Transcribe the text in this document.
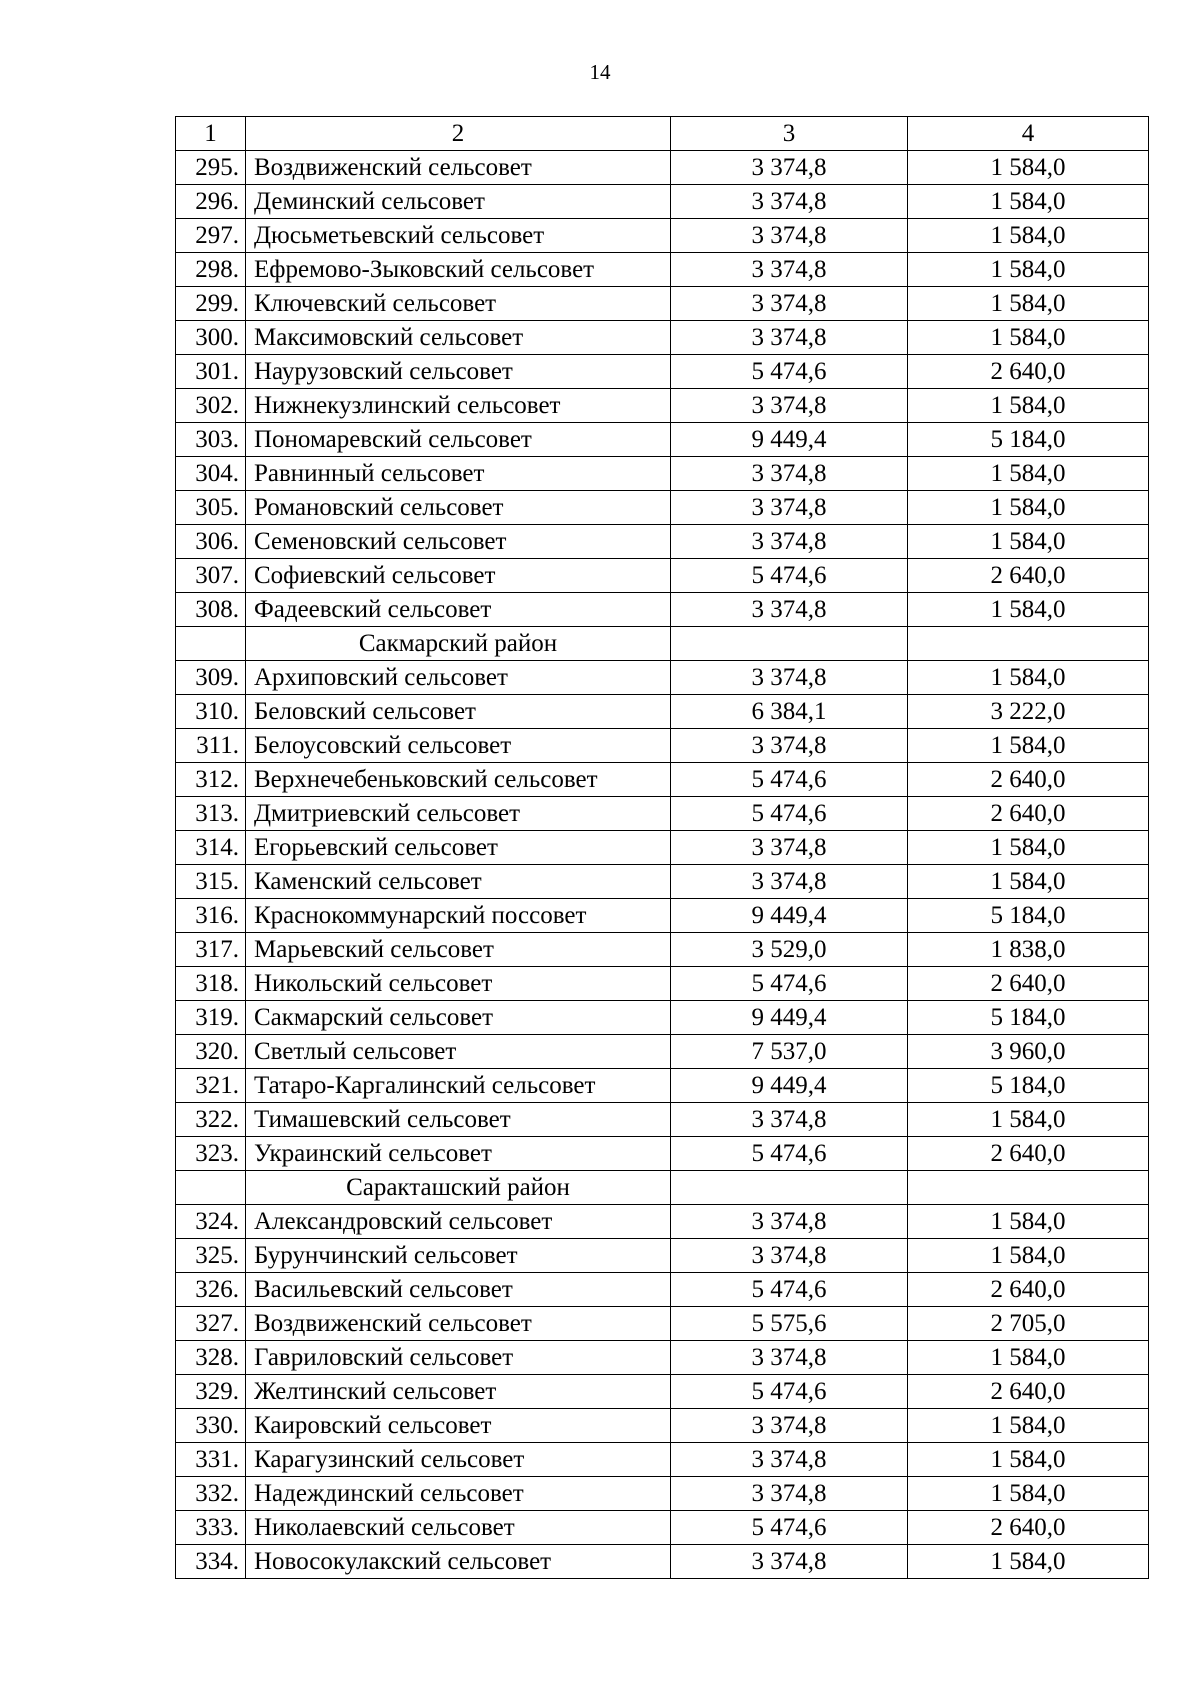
14
1	2	3	4
295.	Воздвиженский сельсовет	3 374,8	1 584,0
296.	Деминский сельсовет	3 374,8	1 584,0
297.	Дюсьметьевский сельсовет	3 374,8	1 584,0
298.	Ефремово-Зыковский сельсовет	3 374,8	1 584,0
299.	Ключевский сельсовет	3 374,8	1 584,0
300.	Максимовский сельсовет	3 374,8	1 584,0
301.	Наурузовский сельсовет	5 474,6	2 640,0
302.	Нижнекузлинский сельсовет	3 374,8	1 584,0
303.	Пономаревский сельсовет	9 449,4	5 184,0
304.	Равнинный сельсовет	3 374,8	1 584,0
305.	Романовский сельсовет	3 374,8	1 584,0
306.	Семеновский сельсовет	3 374,8	1 584,0
307.	Софиевский сельсовет	5 474,6	2 640,0
308.	Фадеевский сельсовет	3 374,8	1 584,0
	Сакмарский район		
309.	Архиповский сельсовет	3 374,8	1 584,0
310.	Беловский сельсовет	6 384,1	3 222,0
311.	Белоусовский сельсовет	3 374,8	1 584,0
312.	Верхнечебеньковский сельсовет	5 474,6	2 640,0
313.	Дмитриевский сельсовет	5 474,6	2 640,0
314.	Егорьевский сельсовет	3 374,8	1 584,0
315.	Каменский сельсовет	3 374,8	1 584,0
316.	Краснокоммунарский поссовет	9 449,4	5 184,0
317.	Марьевский сельсовет	3 529,0	1 838,0
318.	Никольский сельсовет	5 474,6	2 640,0
319.	Сакмарский сельсовет	9 449,4	5 184,0
320.	Светлый сельсовет	7 537,0	3 960,0
321.	Татаро-Каргалинский сельсовет	9 449,4	5 184,0
322.	Тимашевский сельсовет	3 374,8	1 584,0
323.	Украинский сельсовет	5 474,6	2 640,0
	Саракташский район		
324.	Александровский сельсовет	3 374,8	1 584,0
325.	Бурунчинский сельсовет	3 374,8	1 584,0
326.	Васильевский сельсовет	5 474,6	2 640,0
327.	Воздвиженский сельсовет	5 575,6	2 705,0
328.	Гавриловский сельсовет	3 374,8	1 584,0
329.	Желтинский сельсовет	5 474,6	2 640,0
330.	Каировский сельсовет	3 374,8	1 584,0
331.	Карагузинский сельсовет	3 374,8	1 584,0
332.	Надеждинский сельсовет	3 374,8	1 584,0
333.	Николаевский сельсовет	5 474,6	2 640,0
334.	Новосокулакский сельсовет	3 374,8	1 584,0
